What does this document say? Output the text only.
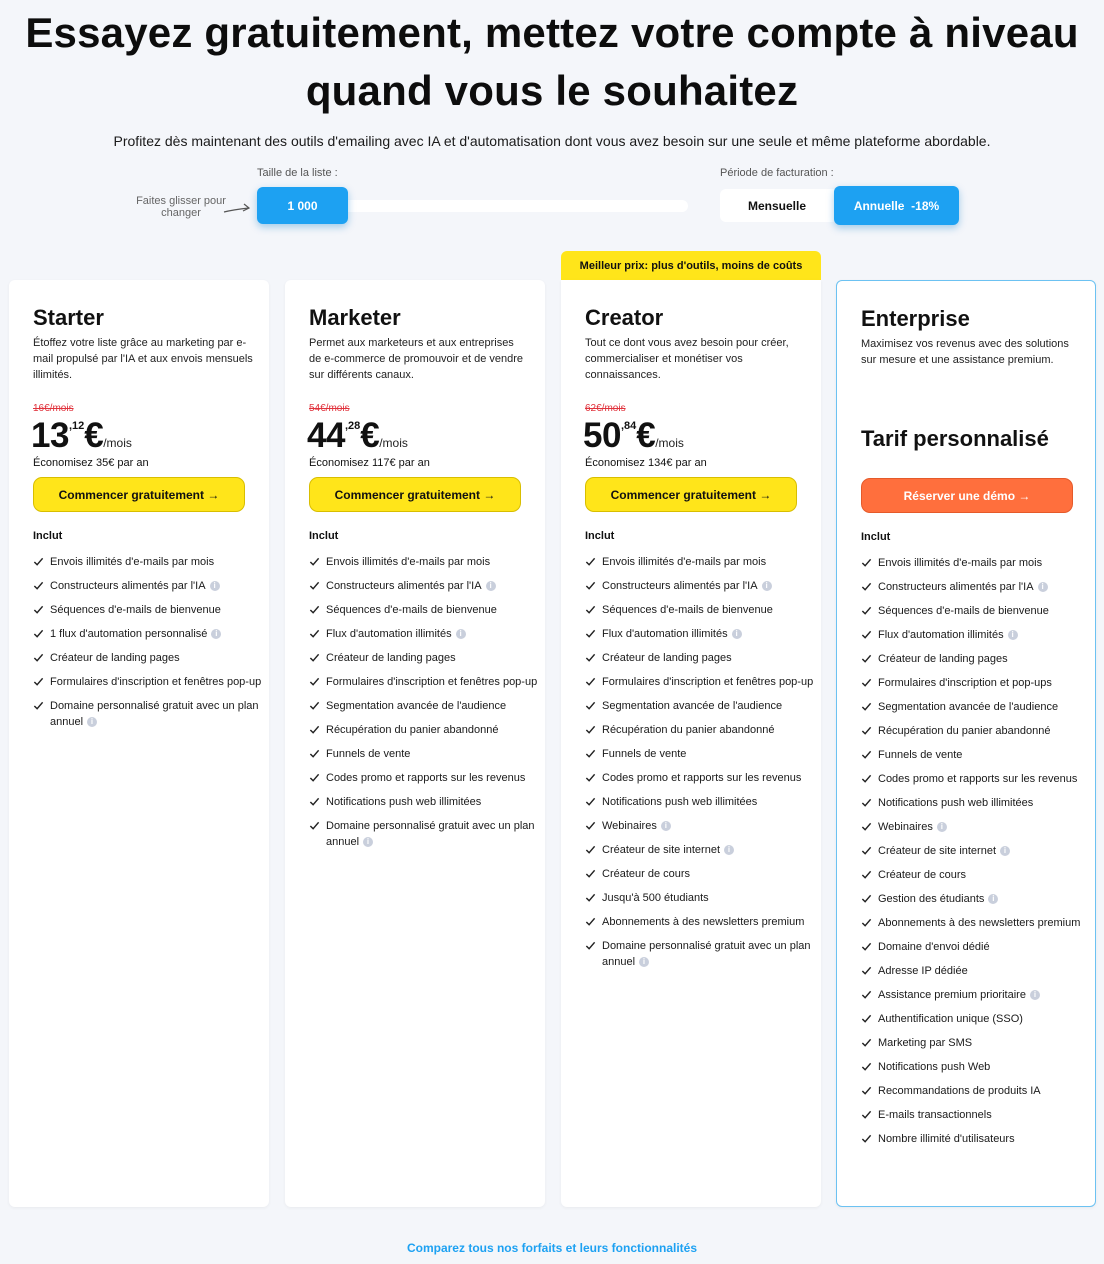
Essayez gratuitement, mettez votre compte à niveau quand vous le souhaitez

Profitez dès maintenant des outils d'emailing avec IA et d'automatisation dont vous avez besoin sur une seule et même plateforme abordable.

Taille de la liste :
Faites glisser pour changer
1 000
Période de facturation :
Mensuelle	Annuelle  -18%
Meilleur prix: plus d'outils, moins de coûts
Starter
Étoffez votre liste grâce au marketing par e-mail propulsé par l'IA et aux envois mensuels illimités.
16€/mois
$13^{,12}€$/mois
Économisez 35€ par an
Commencer gratuitement →
Inclut
Envois illimités d'e-mails par mois
Constructeurs alimentés par l'IA i
Séquences d'e-mails de bienvenue
1 flux d'automation personnalisé i
Créateur de landing pages
Formulaires d'inscription et fenêtres pop-up
Domaine personnalisé gratuit avec un plan annuel i
Marketer
Permet aux marketeurs et aux entreprises de e-commerce de promouvoir et de vendre sur différents canaux.
54€/mois
$44^{,28}€$/mois
Économisez 117€ par an
Commencer gratuitement →
Inclut
Envois illimités d'e-mails par mois
Constructeurs alimentés par l'IA i
Séquences d'e-mails de bienvenue
Flux d'automation illimités i
Créateur de landing pages
Formulaires d'inscription et fenêtres pop-up
Segmentation avancée de l'audience
Récupération du panier abandonné
Funnels de vente
Codes promo et rapports sur les revenus
Notifications push web illimitées
Domaine personnalisé gratuit avec un plan annuel i
Creator
Tout ce dont vous avez besoin pour créer, commercialiser et monétiser vos connaissances.
62€/mois
$50^{,84}€$/mois
Économisez 134€ par an
Commencer gratuitement →
Inclut
Envois illimités d'e-mails par mois
Constructeurs alimentés par l'IA i
Séquences d'e-mails de bienvenue
Flux d'automation illimités i
Créateur de landing pages
Formulaires d'inscription et fenêtres pop-up
Segmentation avancée de l'audience
Récupération du panier abandonné
Funnels de vente
Codes promo et rapports sur les revenus
Notifications push web illimitées
Webinaires i
Créateur de site internet i
Créateur de cours
Jusqu'à 500 étudiants
Abonnements à des newsletters premium
Domaine personnalisé gratuit avec un plan annuel i
Enterprise
Maximisez vos revenus avec des solutions sur mesure et une assistance premium.
Tarif personnalisé
Réserver une démo →
Inclut
Envois illimités d'e-mails par mois
Constructeurs alimentés par l'IA i
Séquences d'e-mails de bienvenue
Flux d'automation illimités i
Créateur de landing pages
Formulaires d'inscription et pop-ups
Segmentation avancée de l'audience
Récupération du panier abandonné
Funnels de vente
Codes promo et rapports sur les revenus
Notifications push web illimitées
Webinaires i
Créateur de site internet i
Créateur de cours
Gestion des étudiants i
Abonnements à des newsletters premium
Domaine d'envoi dédié
Adresse IP dédiée
Assistance premium prioritaire i
Authentification unique (SSO)
Marketing par SMS
Notifications push Web
Recommandations de produits IA
E-mails transactionnels
Nombre illimité d'utilisateurs
Comparez tous nos forfaits et leurs fonctionnalités
